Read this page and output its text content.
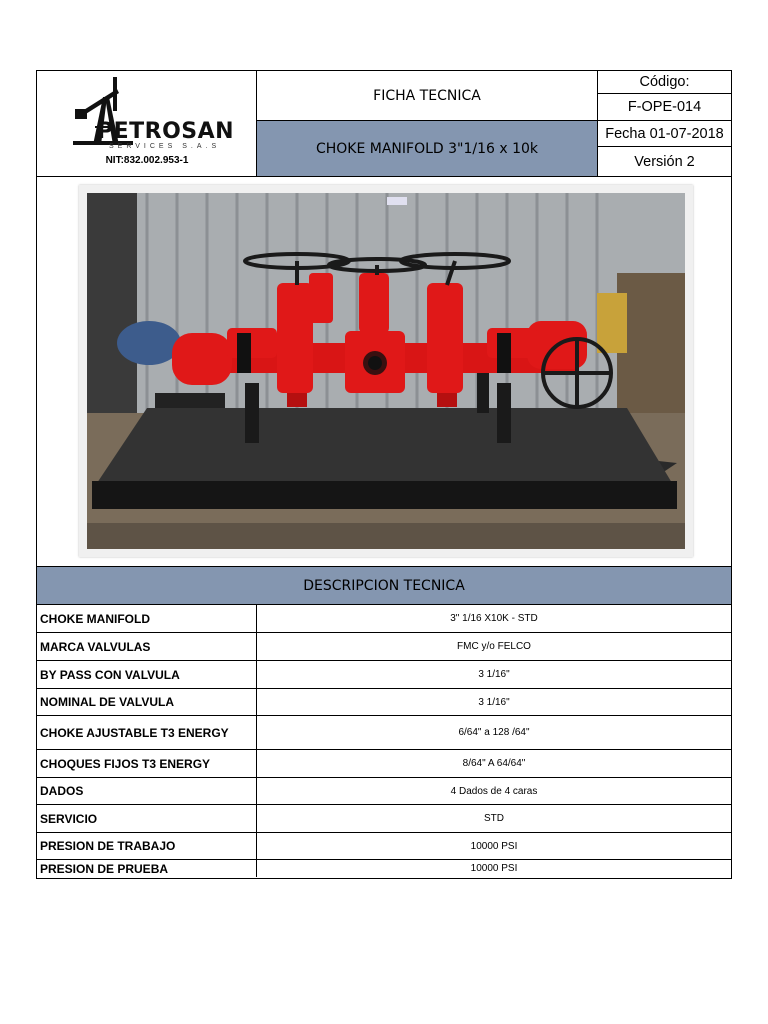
PETROSAN
SERVICES S.A.S
NIT:832.002.953-1
FICHA TECNICA
CHOKE MANIFOLD 3"1/16 x 10k
Código:
F-OPE-014
Fecha 01-07-2018
Versión 2
DESCRIPCION TECNICA
CHOKE MANIFOLD	3" 1/16 X10K - STD
MARCA VALVULAS	FMC y/o FELCO
BY PASS CON VALVULA	3 1/16"
NOMINAL DE VALVULA	3 1/16"
CHOKE AJUSTABLE T3 ENERGY	6/64" a 128 /64"
CHOQUES FIJOS T3 ENERGY	8/64" A 64/64"
DADOS	4 Dados de 4 caras
SERVICIO	STD
PRESION DE TRABAJO	10000 PSI
PRESION DE PRUEBA	10000 PSI
